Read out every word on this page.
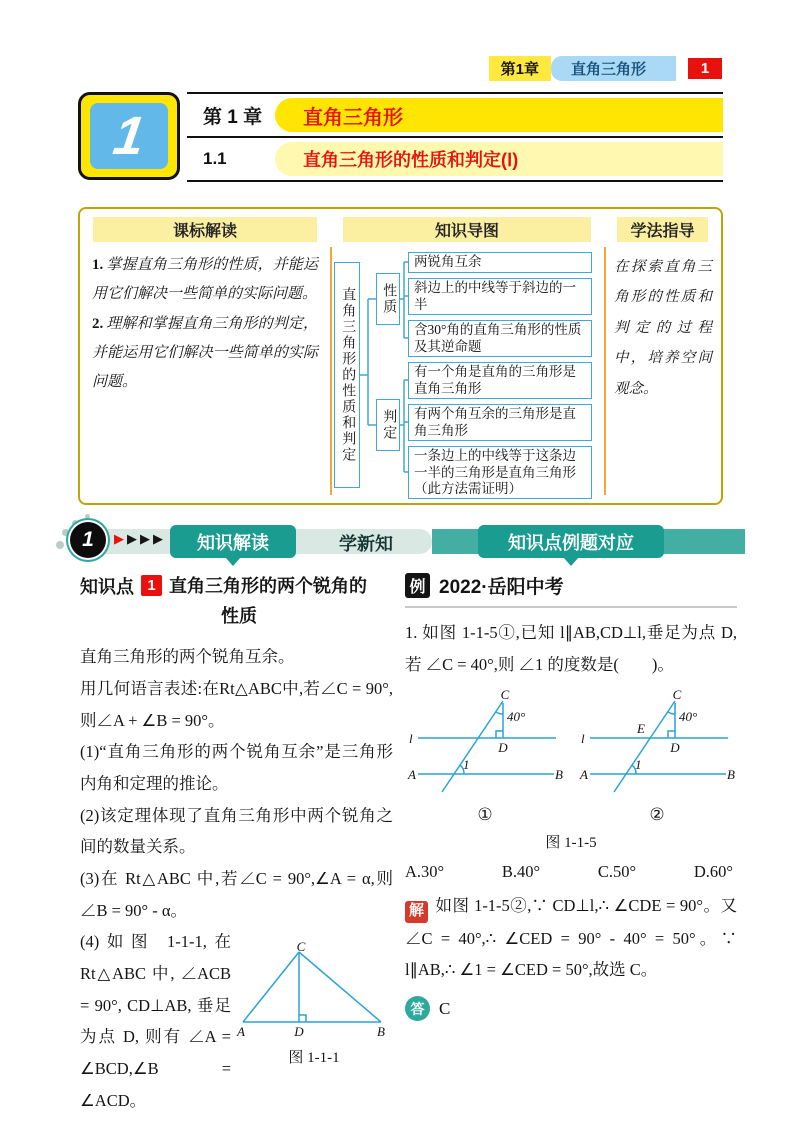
第1章	直角三角形	1
1	第 1 章	直角三角形
1.1	直角三角形的性质和判定(Ⅰ)
课标解读
1. 掌握直角三角形的性质，并能运用它们解决一些简单的实际问题。
2. 理解和掌握直角三角形的判定，并能运用它们解决一些简单的实际问题。
知识导图
直角三角形的性质和判定	性质
判定
两锐角互余
斜边上的中线等于斜边的一半
含30°角的直角三角形的性质及其逆命题
有一个角是直角的三角形是直角三角形
有两个角互余的三角形是直角三角形
一条边上的中线等于这条边一半的三角形是直角三角形（此方法需证明）
学法指导
在探索直角三角形的性质和判定的过程中，培养空间观念。
1	▶ ▶ ▶ ▶	知识解读	学新知	知识点例题对应
知识点 1 直角三角形的两个锐角的
性质

直角三角形的两个锐角互余。

用几何语言表述:在Rt△ABC中,若∠C = 90°,则∠A + ∠B = 90°。

(1)“直角三角形的两个锐角互余”是三角形内角和定理的推论。

(2)该定理体现了直角三角形中两个锐角之间的数量关系。

(3)在 Rt△ABC 中,若∠C = 90°,∠A = α,则∠B = 90° - α。

(4)如图 1-1-1,在 Rt△ABC 中, ∠ACB = 90°, CD⊥AB, 垂足为点 D, 则有 ∠A = ∠BCD,∠B = ∠ACD。

C
A	D	B
图 1-1-1
例 2022·岳阳中考

1. 如图 1-1-5①,已知 l∥AB,CD⊥l,垂足为点 D,若 ∠C = 40°,则 ∠1 的度数是(　　)。

l
A	B
C
D
40°
1
①
l
A	B
C
D
E
40°
1
②
图 1-1-5
A.30°	B.40°	C.50°	D.60°

解 如图 1-1-5②,∵ CD⊥l,∴ ∠CDE = 90°。又∠C = 40°,∴ ∠CED = 90° - 40° = 50°。∵ l∥AB,∴ ∠1 = ∠CED = 50°,故选 C。

答 C
